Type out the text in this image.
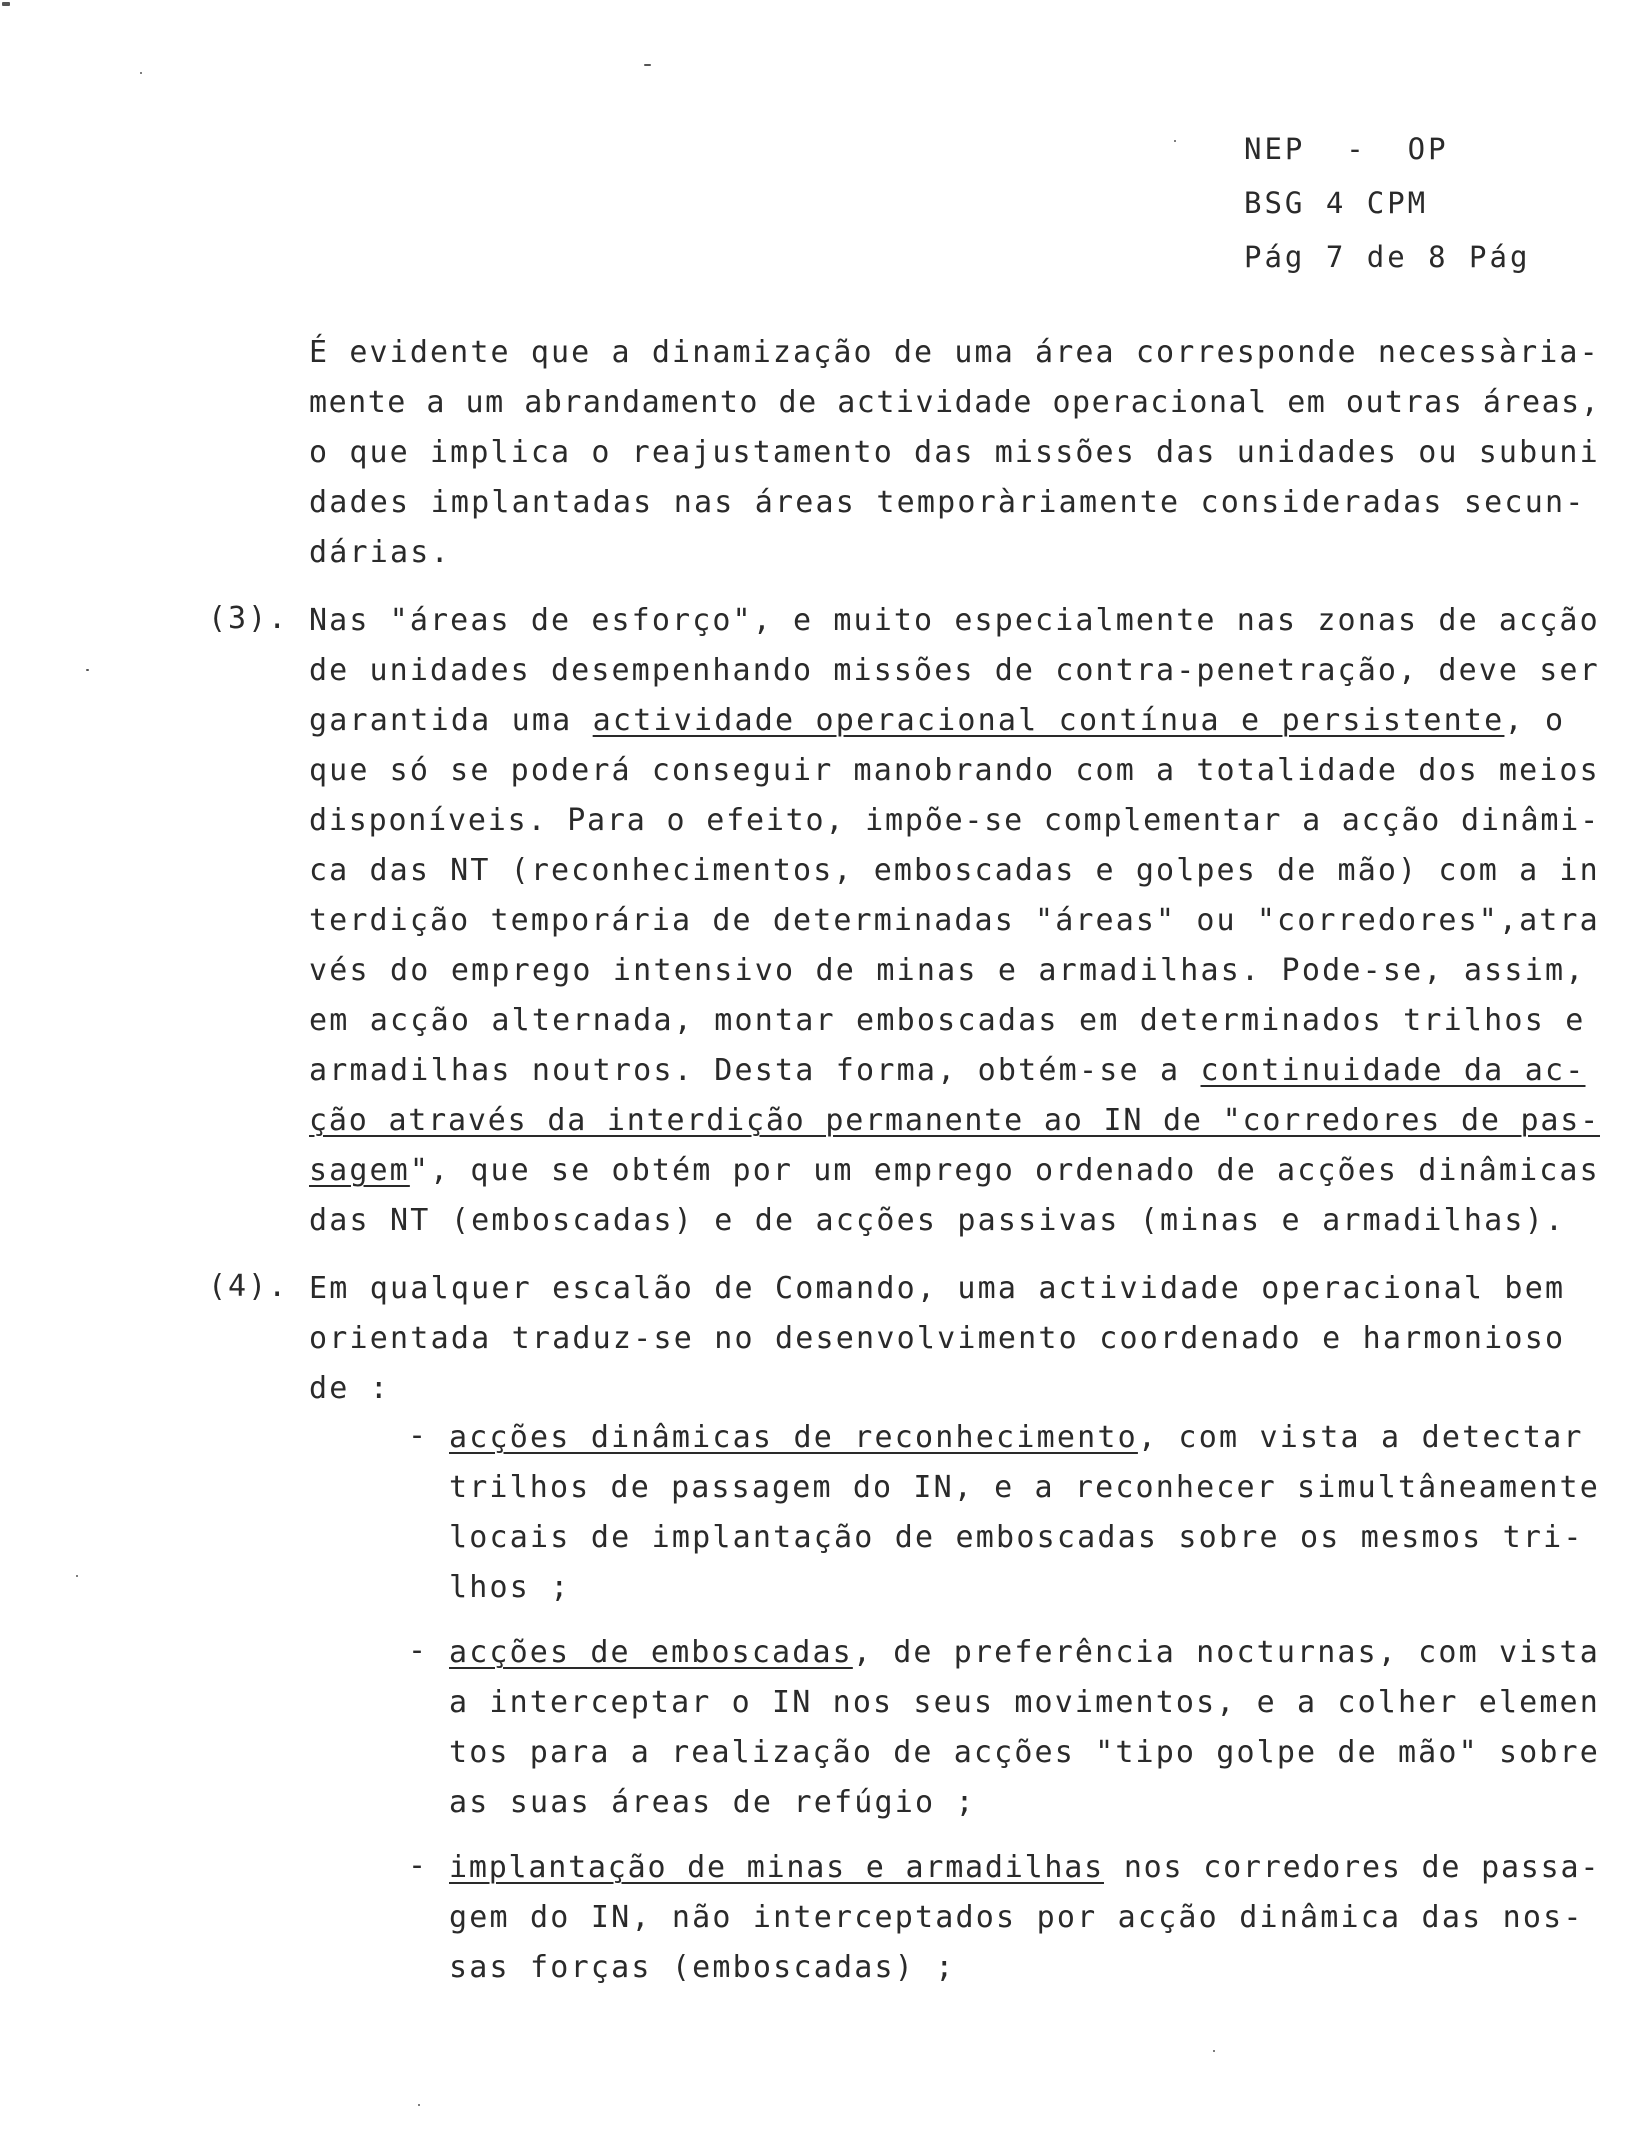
NEP  -  OP
BSG 4 CPM
Pág 7 de 8 Pág
É evidente que a dinamização de uma área corresponde necessària-
mente a um abrandamento de actividade operacional em outras áreas,
o que implica o reajustamento das missões das unidades ou subuni
dades implantadas nas áreas temporàriamente consideradas secun-
dárias.
(3). Nas "áreas de esforço", e muito especialmente nas zonas de acção
de unidades desempenhando missões de contra-penetração, deve ser
garantida uma actividade operacional contínua e persistente, o
que só se poderá conseguir manobrando com a totalidade dos meios
disponíveis. Para o efeito, impõe-se complementar a acção dinâmi-
ca das NT (reconhecimentos, emboscadas e golpes de mão) com a in
terdição temporária de determinadas "áreas" ou "corredores",atra
vés do emprego intensivo de minas e armadilhas. Pode-se, assim,
em acção alternada, montar emboscadas em determinados trilhos e
armadilhas noutros. Desta forma, obtém-se a continuidade da ac-
ção através da interdição permanente ao IN de "corredores de pas-
sagem", que se obtém por um emprego ordenado de acções dinâmicas
das NT (emboscadas) e de acções passivas (minas e armadilhas).
(4). Em qualquer escalão de Comando, uma actividade operacional bem
orientada traduz-se no desenvolvimento coordenado e harmonioso
de :
- acções dinâmicas de reconhecimento, com vista a detectar
trilhos de passagem do IN, e a reconhecer simultâneamente
locais de implantação de emboscadas sobre os mesmos tri-
lhos ;
- acções de emboscadas, de preferência nocturnas, com vista
a interceptar o IN nos seus movimentos, e a colher elemen
tos para a realização de acções "tipo golpe de mão" sobre
as suas áreas de refúgio ;
- implantação de minas e armadilhas nos corredores de passa-
gem do IN, não interceptados por acção dinâmica das nos-
sas forças (emboscadas) ;
